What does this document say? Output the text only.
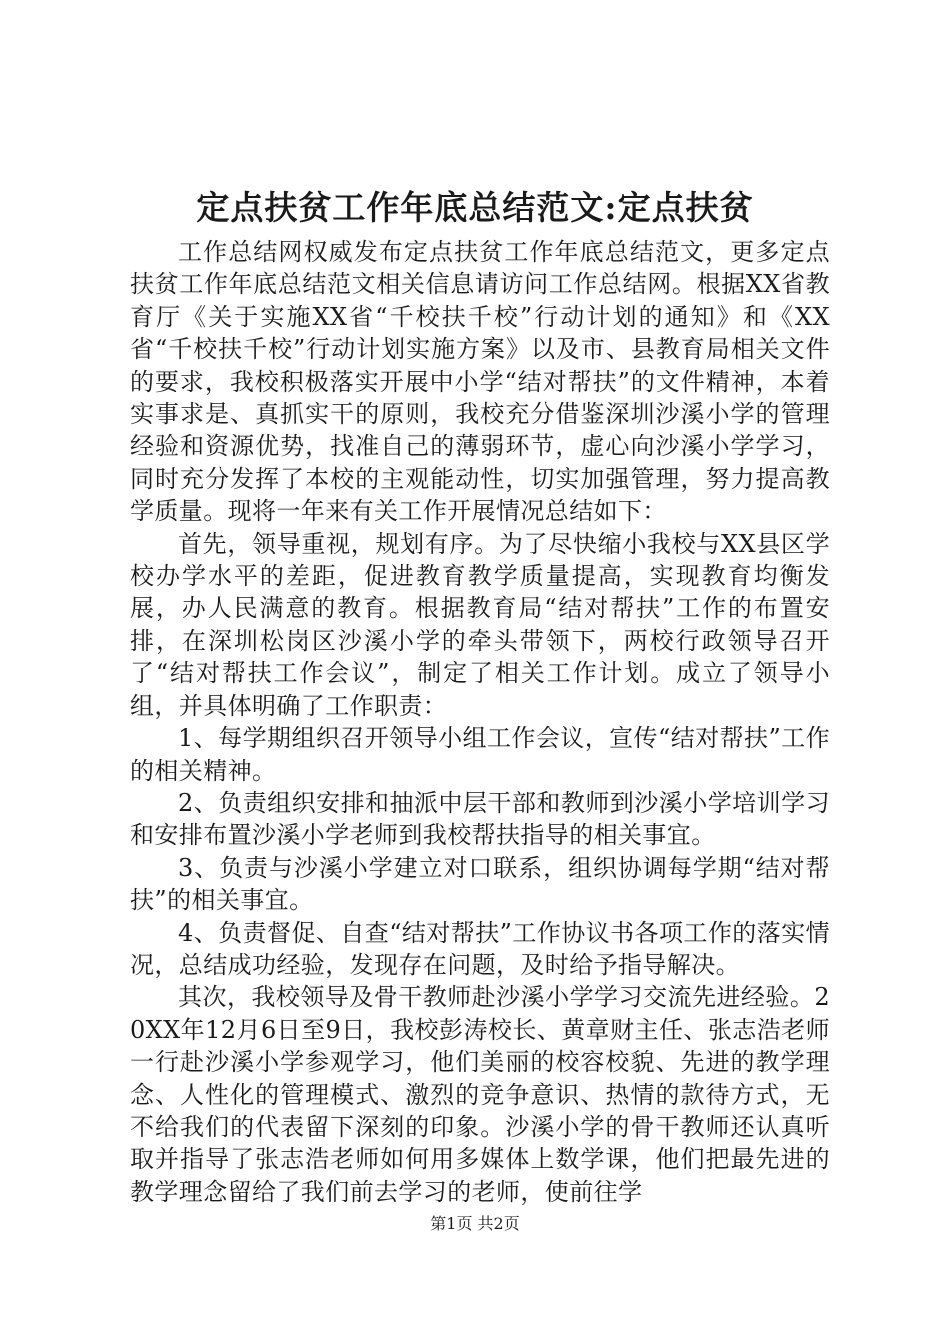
定点扶贫工作年底总结范文:定点扶贫

工作总结网权威发布定点扶贫工作年底总结范文，更多定点扶贫工作年底总结范文相关信息请访问工作总结网。根据XX省教育厅《关于实施XX省“千校扶千校”行动计划的通知》和《XX省“千校扶千校”行动计划实施方案》以及市、县教育局相关文件的要求，我校积极落实开展中小学“结对帮扶”的文件精神，本着实事求是、真抓实干的原则，我校充分借鉴深圳沙溪小学的管理经验和资源优势，找准自己的薄弱环节，虚心向沙溪小学学习，同时充分发挥了本校的主观能动性，切实加强管理，努力提高教学质量。现将一年来有关工作开展情况总结如下：

首先，领导重视，规划有序。为了尽快缩小我校与XX县区学校办学水平的差距，促进教育教学质量提高，实现教育均衡发展，办人民满意的教育。根据教育局“结对帮扶”工作的布置安排，在深圳松岗区沙溪小学的牵头带领下，两校行政领导召开了“结对帮扶工作会议”，制定了相关工作计划。成立了领导小组，并具体明确了工作职责：

1、每学期组织召开领导小组工作会议，宣传“结对帮扶”工作的相关精神。

2、负责组织安排和抽派中层干部和教师到沙溪小学培训学习和安排布置沙溪小学老师到我校帮扶指导的相关事宜。

3、负责与沙溪小学建立对口联系，组织协调每学期“结对帮扶”的相关事宜。

4、负责督促、自查“结对帮扶”工作协议书各项工作的落实情况，总结成功经验，发现存在问题，及时给予指导解决。

其次，我校领导及骨干教师赴沙溪小学学习交流先进经验。20XX年12月6日至9日，我校彭涛校长、黄章财主任、张志浩老师一行赴沙溪小学参观学习，他们美丽的校容校貌、先进的教学理念、人性化的管理模式、激烈的竞争意识、热情的款待方式，无不给我们的代表留下深刻的印象。沙溪小学的骨干教师还认真听取并指导了张志浩老师如何用多媒体上数学课，他们把最先进的教学理念留给了我们前去学习的老师，使前往学

第1页 共2页
